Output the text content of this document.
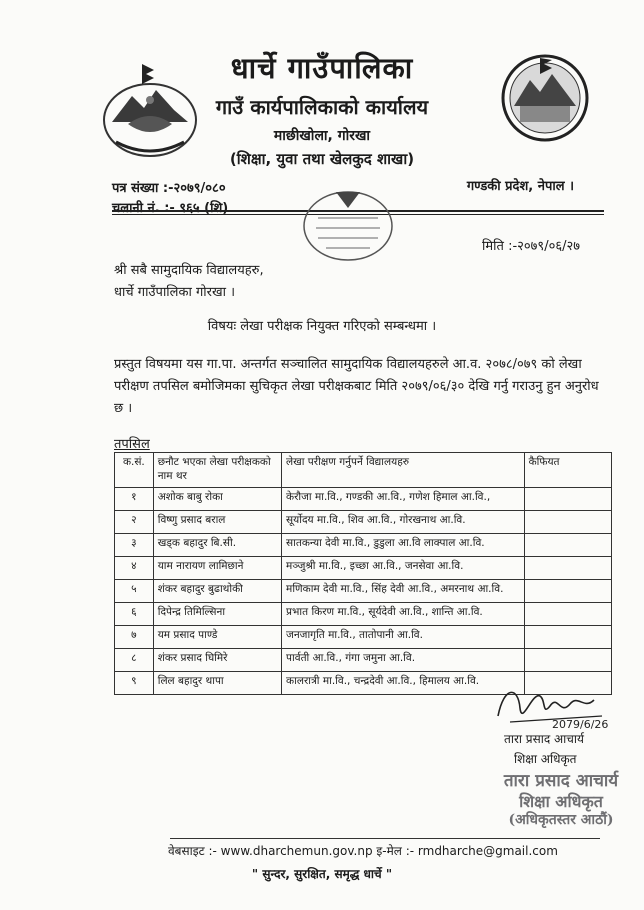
धार्चे गाउँपालिका
गाउँ कार्यपालिकाको कार्यालय
माछीखोला, गोरखा
(शिक्षा, युवा तथा खेलकुद शाखा)
पत्र संख्या :-२०७९/०८०
चलानी नं. :- ९६५ (शि)
गण्डकी प्रदेश, नेपाल ।
मिति :-२०७९/०६/२७
श्री सबै सामुदायिक विद्यालयहरु,
धार्चे गाउँपालिका गोरखा ।
विषयः लेखा परीक्षक नियुक्त गरिएको सम्बन्धमा ।
प्रस्तुत विषयमा यस गा.पा. अन्तर्गत सञ्चालित सामुदायिक विद्यालयहरुले आ.व. २०७८/०७९ को लेखा परीक्षण तपसिल बमोजिमका सुचिकृत लेखा परीक्षकबाट मिति २०७९/०६/३० देखि गर्नु गराउनु हुन अनुरोध छ ।
तपसिल
क.सं.	छनौट भएका लेखा परीक्षकको नाम थर	लेखा परीक्षण गर्नुपर्ने विद्यालयहरु	कैफियत
१	अशोक बाबु रोका	केरौजा मा.वि., गण्डकी आ.वि., गणेश हिमाल आ.वि.,	
२	विष्णु प्रसाद बराल	सूर्योदय मा.वि., शिव आ.वि., गोरखनाथ आ.वि.	
३	खड्क बहादुर बि.सी.	सातकन्या देवी मा.वि., डुडुला आ.वि लाक्पाल आ.वि.	
४	याम नारायण लामिछाने	मञ्जुश्री मा.वि., इच्छा आ.वि., जनसेवा आ.वि.	
५	शंकर बहादुर बुढाथोकी	मणिकाम देवी मा.वि., सिंह देवी आ.वि., अमरनाथ आ.वि.	
६	दिपेन्द्र तिमिल्सिना	प्रभात किरण मा.वि., सूर्यदेवी आ.वि., शान्ति आ.वि.	
७	यम प्रसाद पाण्डे	जनजागृति मा.वि., तातोपानी आ.वि.	
८	शंकर प्रसाद घिमिरे	पार्वती आ.वि., गंगा जमुना आ.वि.	
९	लिल बहादुर थापा	कालरात्री मा.वि., चन्द्रदेवी आ.वि., हिमालय आ.वि.	
2079/6/26
तारा प्रसाद आचार्य
शिक्षा अधिकृत
तारा प्रसाद आचार्य
शिक्षा अधिकृत
(अधिकृतस्तर आठौं)
वेबसाइट :- www.dharchemun.gov.np इ-मेल :- rmdharche@gmail.com
" सुन्दर, सुरक्षित, समृद्ध धार्चे "
